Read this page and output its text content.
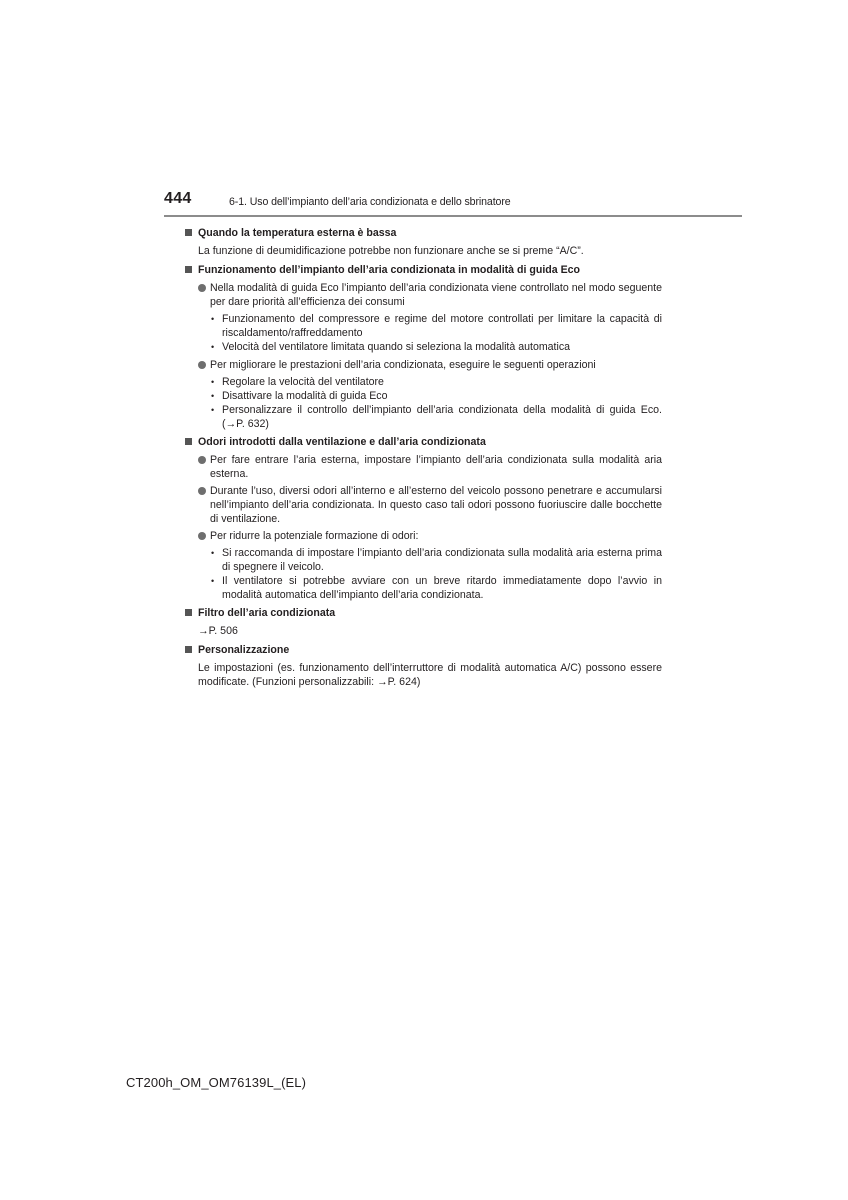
444	6-1. Uso dell’impianto dell’aria condizionata e dello sbrinatore
Quando la temperatura esterna è bassa
La funzione di deumidificazione potrebbe non funzionare anche se si preme “A/C”.
Funzionamento dell’impianto dell’aria condizionata in modalità di guida Eco
Nella modalità di guida Eco l’impianto dell’aria condizionata viene controllato nel modo seguente per dare priorità all’efficienza dei consumi
• Funzionamento del compressore e regime del motore controllati per limitare la capacità di riscaldamento/raffreddamento
• Velocità del ventilatore limitata quando si seleziona la modalità automatica
Per migliorare le prestazioni dell’aria condizionata, eseguire le seguenti operazioni
• Regolare la velocità del ventilatore
• Disattivare la modalità di guida Eco
• Personalizzare il controllo dell’impianto dell’aria condizionata della modalità di guida Eco. (→P. 632)
Odori introdotti dalla ventilazione e dall’aria condizionata
Per fare entrare l’aria esterna, impostare l’impianto dell’aria condizionata sulla modalità aria esterna.
Durante l’uso, diversi odori all’interno e all’esterno del veicolo possono penetrare e accumularsi nell’impianto dell’aria condizionata. In questo caso tali odori possono fuoriuscire dalle bocchette di ventilazione.
Per ridurre la potenziale formazione di odori:
• Si raccomanda di impostare l’impianto dell’aria condizionata sulla modalità aria esterna prima di spegnere il veicolo.
• Il ventilatore si potrebbe avviare con un breve ritardo immediatamente dopo l’avvio in modalità automatica dell’impianto dell’aria condizionata.
Filtro dell’aria condizionata
→P. 506
Personalizzazione
Le impostazioni (es. funzionamento dell’interruttore di modalità automatica A/C) possono essere modificate. (Funzioni personalizzabili: →P. 624)
CT200h_OM_OM76139L_(EL)
